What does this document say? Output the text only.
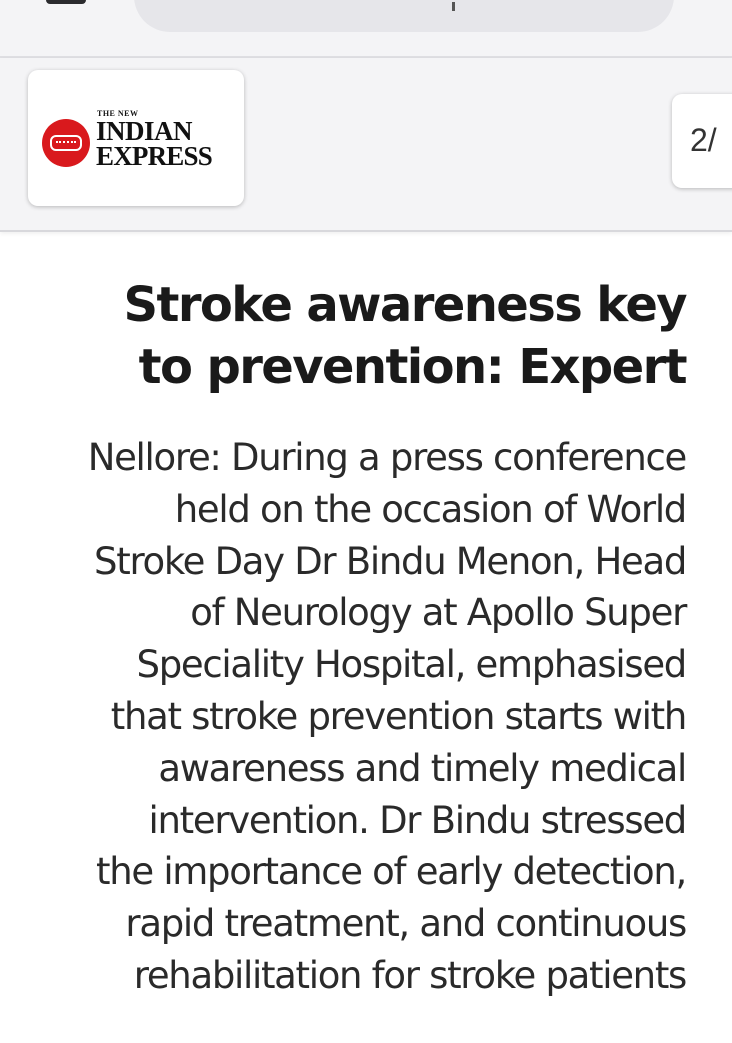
THE NEW
INDIAN
EXPRESS	2/
Stroke awareness key
to prevention: Expert
Nellore: During a press conference
held on the occasion of World
Stroke Day Dr Bindu Menon, Head
of Neurology at Apollo Super
Speciality Hospital, emphasised
that stroke prevention starts with
awareness and timely medical
intervention. Dr Bindu stressed
the importance of early detection,
rapid treatment, and continuous
rehabilitation for stroke patients
